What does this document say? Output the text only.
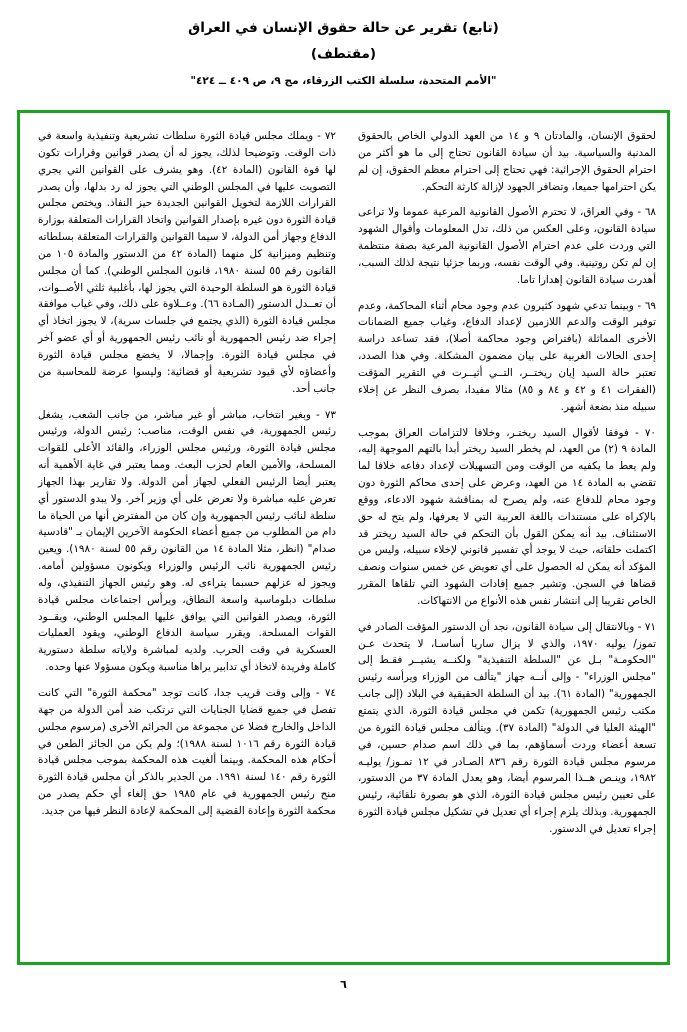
(تابع) تقرير عن حالة حقوق الإنسان في العراق
(مقتطف)
"الأمم المتحدة، سلسلة الكتب الزرقاء، مج ٩، ص ٤٠٩ ــ ٤٢٤"

لحقوق الإنسان، والمادتان ٩ و ١٤ من العهد الدولي الخاص بالحقوق المدنية والسياسية. بيد أن سيادة القانون تحتاج إلى ما هو أكثر من احترام الحقوق الإجرائية: فهي تحتاج إلى احترام معظم الحقوق، إن لم يكن احترامها جميعا، وتضافر الجهود لإزالة كارثة التحكم.

٦٨ - وفي العراق، لا تحترم الأصول القانونية المرعية عموما ولا تراعى سيادة القانون، وعلى العكس من ذلك، تدل المعلومات وأقوال الشهود التي وردت على عدم احترام الأصول القانونية المرعية بصفة منتظمة إن لم تكن روتينية. وفي الوقت نفسه، وربما جزئيا نتيجة لذلك السبب، أهدرت سيادة القانون إهدارا تاما.

٦٩ - وبينما تدعي شهود كثيرون عدم وجود محام أثناء المحاكمة، وعدم توفير الوقت والدعم اللازمين لإعداد الدفاع، وغياب جميع الضمانات الأخرى المماثلة (بافتراض وجود محاكمة أصلا)، فقد تساعد دراسة إحدى الحالات الغربية على بيان مضمون المشكلة. وفي هذا الصدد، تعتبر حالة السيد إيان ريختــر، التــي أثيــرت في التقرير المؤقت (الفقرات ٤١ و ٤٢ و ٨٤ و ٨٥) مثالا مفيدا، بصرف النظر عن إخلاء سبيله منذ بضعة أشهر.

٧٠ - فوفقا لأقوال السيد ريختـر، وخلافا لالتزامات العراق بموجب المادة ٩ (٢) من العهد، لم يخطر السيد ريختر أبدا بالتهم الموجهة إليه، ولم يعط ما يكفيه من الوقت ومن التسهيلات لإعداد دفاعه خلافا لما تقضي به المادة ١٤ من العهد، وعرض على إحدى محاكم الثورة دون وجود محام للدفاع عنه، ولم يصرح له بمناقشة شهود الادعاء، ووقع بالإكراه على مستندات باللغة العربية التي لا يعرفها، ولم يتح له حق الاستئناف. بيد أنه يمكن القول بأن التحكم في حالة السيد ريختر قد اكتملت حلقاته، حيث لا يوجد أي تفسير قانوني لإخلاء سبيله، وليس من المؤكد أنه يمكن له الحصول على أي تعويض عن خمس سنوات ونصف قضاها في السجن. وتشير جميع إفادات الشهود التي تلقاها المقرر الخاص تقريبا إلى انتشار نفس هذه الأنواع من الانتهاكات.

٧١ - وبالانتقال إلى سيادة القانون، نجد أن الدستور المؤقت الصادر في تموز/ يوليه ١٩٧٠، والذي لا يزال ساريا أساسـا، لا يتحدث عـن "الحكومـة" بـل عن "السلطة التنفيذية" ولكنــه يشيــر فقـط إلى "مجلس الوزراء" - وإلى أنــه جهاز "يتألف من الوزراء ويرأسه رئيس الجمهورية" (المادة ٦١). بيد أن السلطة الحقيقية في البلاد (إلى جانب مكتب رئيس الجمهورية) تكمن في مجلس قيادة الثورة، الذي يتمتع "الهيئة العليا في الدولة" (المادة ٣٧). ويتألف مجلس قيادة الثورة من تسعة أعضاء وردت أسماؤهم، بما في ذلك اسم صدام حسين، في مرسوم مجلس قيادة الثورة رقم ٨٣٦ الصـادر في ١٢ تمـوز/ يوليـه ١٩٨٢، وينـص هــذا المرسوم أيضا، وهو يعدل المادة ٣٧ من الدستور، على تعيين رئيس مجلس قيادة الثورة، الذي هو بصورة تلقائية، رئيس الجمهورية. وبذلك يلزم إجراء أي تعديل في تشكيل مجلس قيادة الثورة إجراء تعديل في الدستور.

٧٢ - ويملك مجلس قيادة الثورة سلطات تشريعية وتنفيذية واسعة في ذات الوقت. وتوضيحا لذلك، يجوز له أن يصدر قوانين وقرارات تكون لها قوة القانون (المادة ٤٢). وهو يشرف على القوانين التي يجري التصويت عليها في المجلس الوطني التي يجوز له رد بدلها، وأن يصدر القرارات اللازمة لتخويل القوانين الجديدة حيز النفاذ. ويختص مجلس قيادة الثورة دون غيره بإصدار القوانين واتخاذ القرارات المتعلقة بوزارة الدفاع وجهاز أمن الدولة، لا سيما القوانين والقرارات المتعلقة بسلطاته وتنظيم وميزانية كل منهما (المادة ٤٢ من الدستور والمادة ١٠٥ من القانون رقم ٥٥ لسنة ١٩٨٠، قانون المجلس الوطني). كما أن مجلس قيادة الثورة هو السلطة الوحيدة التي يجوز لها، بأغلبية ثلثي الأصــوات، أن تعــدل الدستور (المـادة ٦٦). وعــلاوة على ذلك، وفي غياب موافقة مجلس قيادة الثورة (الذي يجتمع في جلسات سرية)، لا يجوز اتخاذ أي إجراء ضد رئيس الجمهورية أو نائب رئيس الجمهورية أو أي عضو آخر في مجلس قيادة الثورة. وإجمالا، لا يخضع مجلس قيادة الثورة وأعضاؤه لأي قيود تشريعية أو قضائية: وليسوا عرضة للمحاسبة من جانب أحد.

٧٣ - وبغير انتخاب، مباشر أو غير مباشر، من جانب الشعب، يشغل رئيس الجمهورية، في نفس الوقت، مناصب: رئيس الدولة، ورئيس مجلس قيادة الثورة، ورئيس مجلس الوزراء، والقائد الأعلى للقوات المسلحة، والأمين العام لحزب البعث. ومما يعتبر في غاية الأهمية أنه يعتبر أيضا الرئيس الفعلي لجهاز أمن الدولة. ولا تقارير بهذا الجهاز تعرض عليه مباشرة ولا تعرض على أي وزير آخر. ولا يبدو الدستور أي سلطة لنائب رئيس الجمهورية وإن كان من المفترض أنها من الحياة ما دام من المطلوب من جميع أعضاء الحكومة الآخرين الإيمان بـ "قادسية صدام" (انظر، مثلا المادة ١٤ من القانون رقم ٥٥ لسنة ١٩٨٠). ويعين رئيس الجمهورية نائب الرئيس والوزراء ويكونون مسؤولين أمامه. ويجوز له عزلهم حسبما يتراءى له. وهو رئيس الجهاز التنفيذي، وله سلطات دبلوماسية واسعة النطاق، ويرأس اجتماعات مجلس قيادة الثورة، ويصدر القوانين التي يوافق عليها المجلس الوطني، ويقــود القوات المسلحة. ويقرر سياسة الدفاع الوطني، ويقود العمليات العسكرية في وقت الحرب. ولديه لمباشرة ولاياته سلطة دستورية كاملة وفريدة لاتخاذ أي تدابير يراها مناسبة ويكون مسؤولا عنها وحده.

٧٤ - وإلى وقت قريب جدا، كانت توجد "محكمة الثورة" التي كانت تفصل في جميع قضايا الجنايات التي ترتكب ضد أمن الدولة من جهة الداخل والخارج فضلا عن مجموعة من الجرائم الأخرى (مرسوم مجلس قيادة الثورة رقم ١٠١٦ لسنة ١٩٨٨)؛ ولم يكن من الجائز الطعن في أحكام هذه المحكمة. وبينما ألغيت هذه المحكمة بموجب مجلس قيادة الثورة رقم ١٤٠ لسنة ١٩٩١. من الجدير بالذكر أن مجلس قيادة الثورة منح رئيس الجمهورية في عام ١٩٨٥ حق إلغاء أي حكم يصدر من محكمة الثورة وإعادة القضية إلى المحكمة لإعادة النظر فيها من جديد.

٦
